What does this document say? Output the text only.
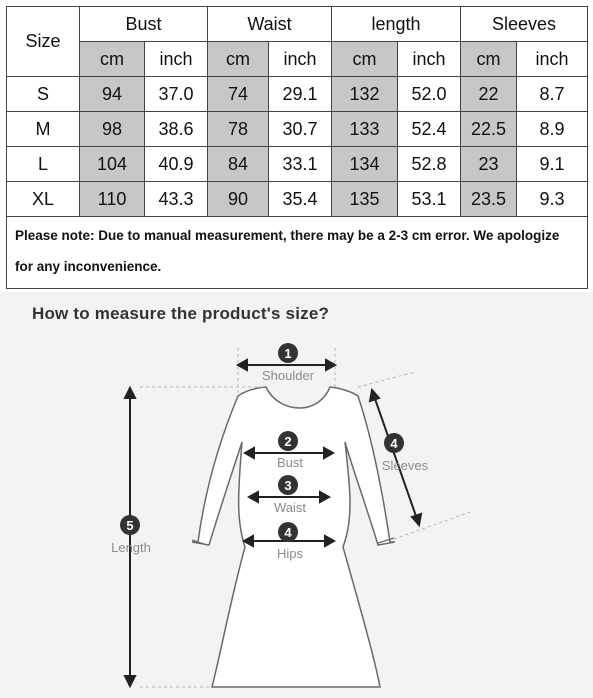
Size	Bust		Waist		length		Sleeves	
	cm	inch	cm	inch	cm	inch	cm	inch
S	94	37.0	74	29.1	132	52.0	22	8.7
M	98	38.6	78	30.7	133	52.4	22.5	8.9
L	104	40.9	84	33.1	134	52.8	23	9.1
XL	110	43.3	90	35.4	135	53.1	23.5	9.3
Please note: Due to manual measurement, there may be a 2-3 cm error. We apologize for any inconvenience.								
How to measure the product's size?
1
Shoulder
2
Bust
3
Waist
4
Hips
4
Sleeves
5
Length
